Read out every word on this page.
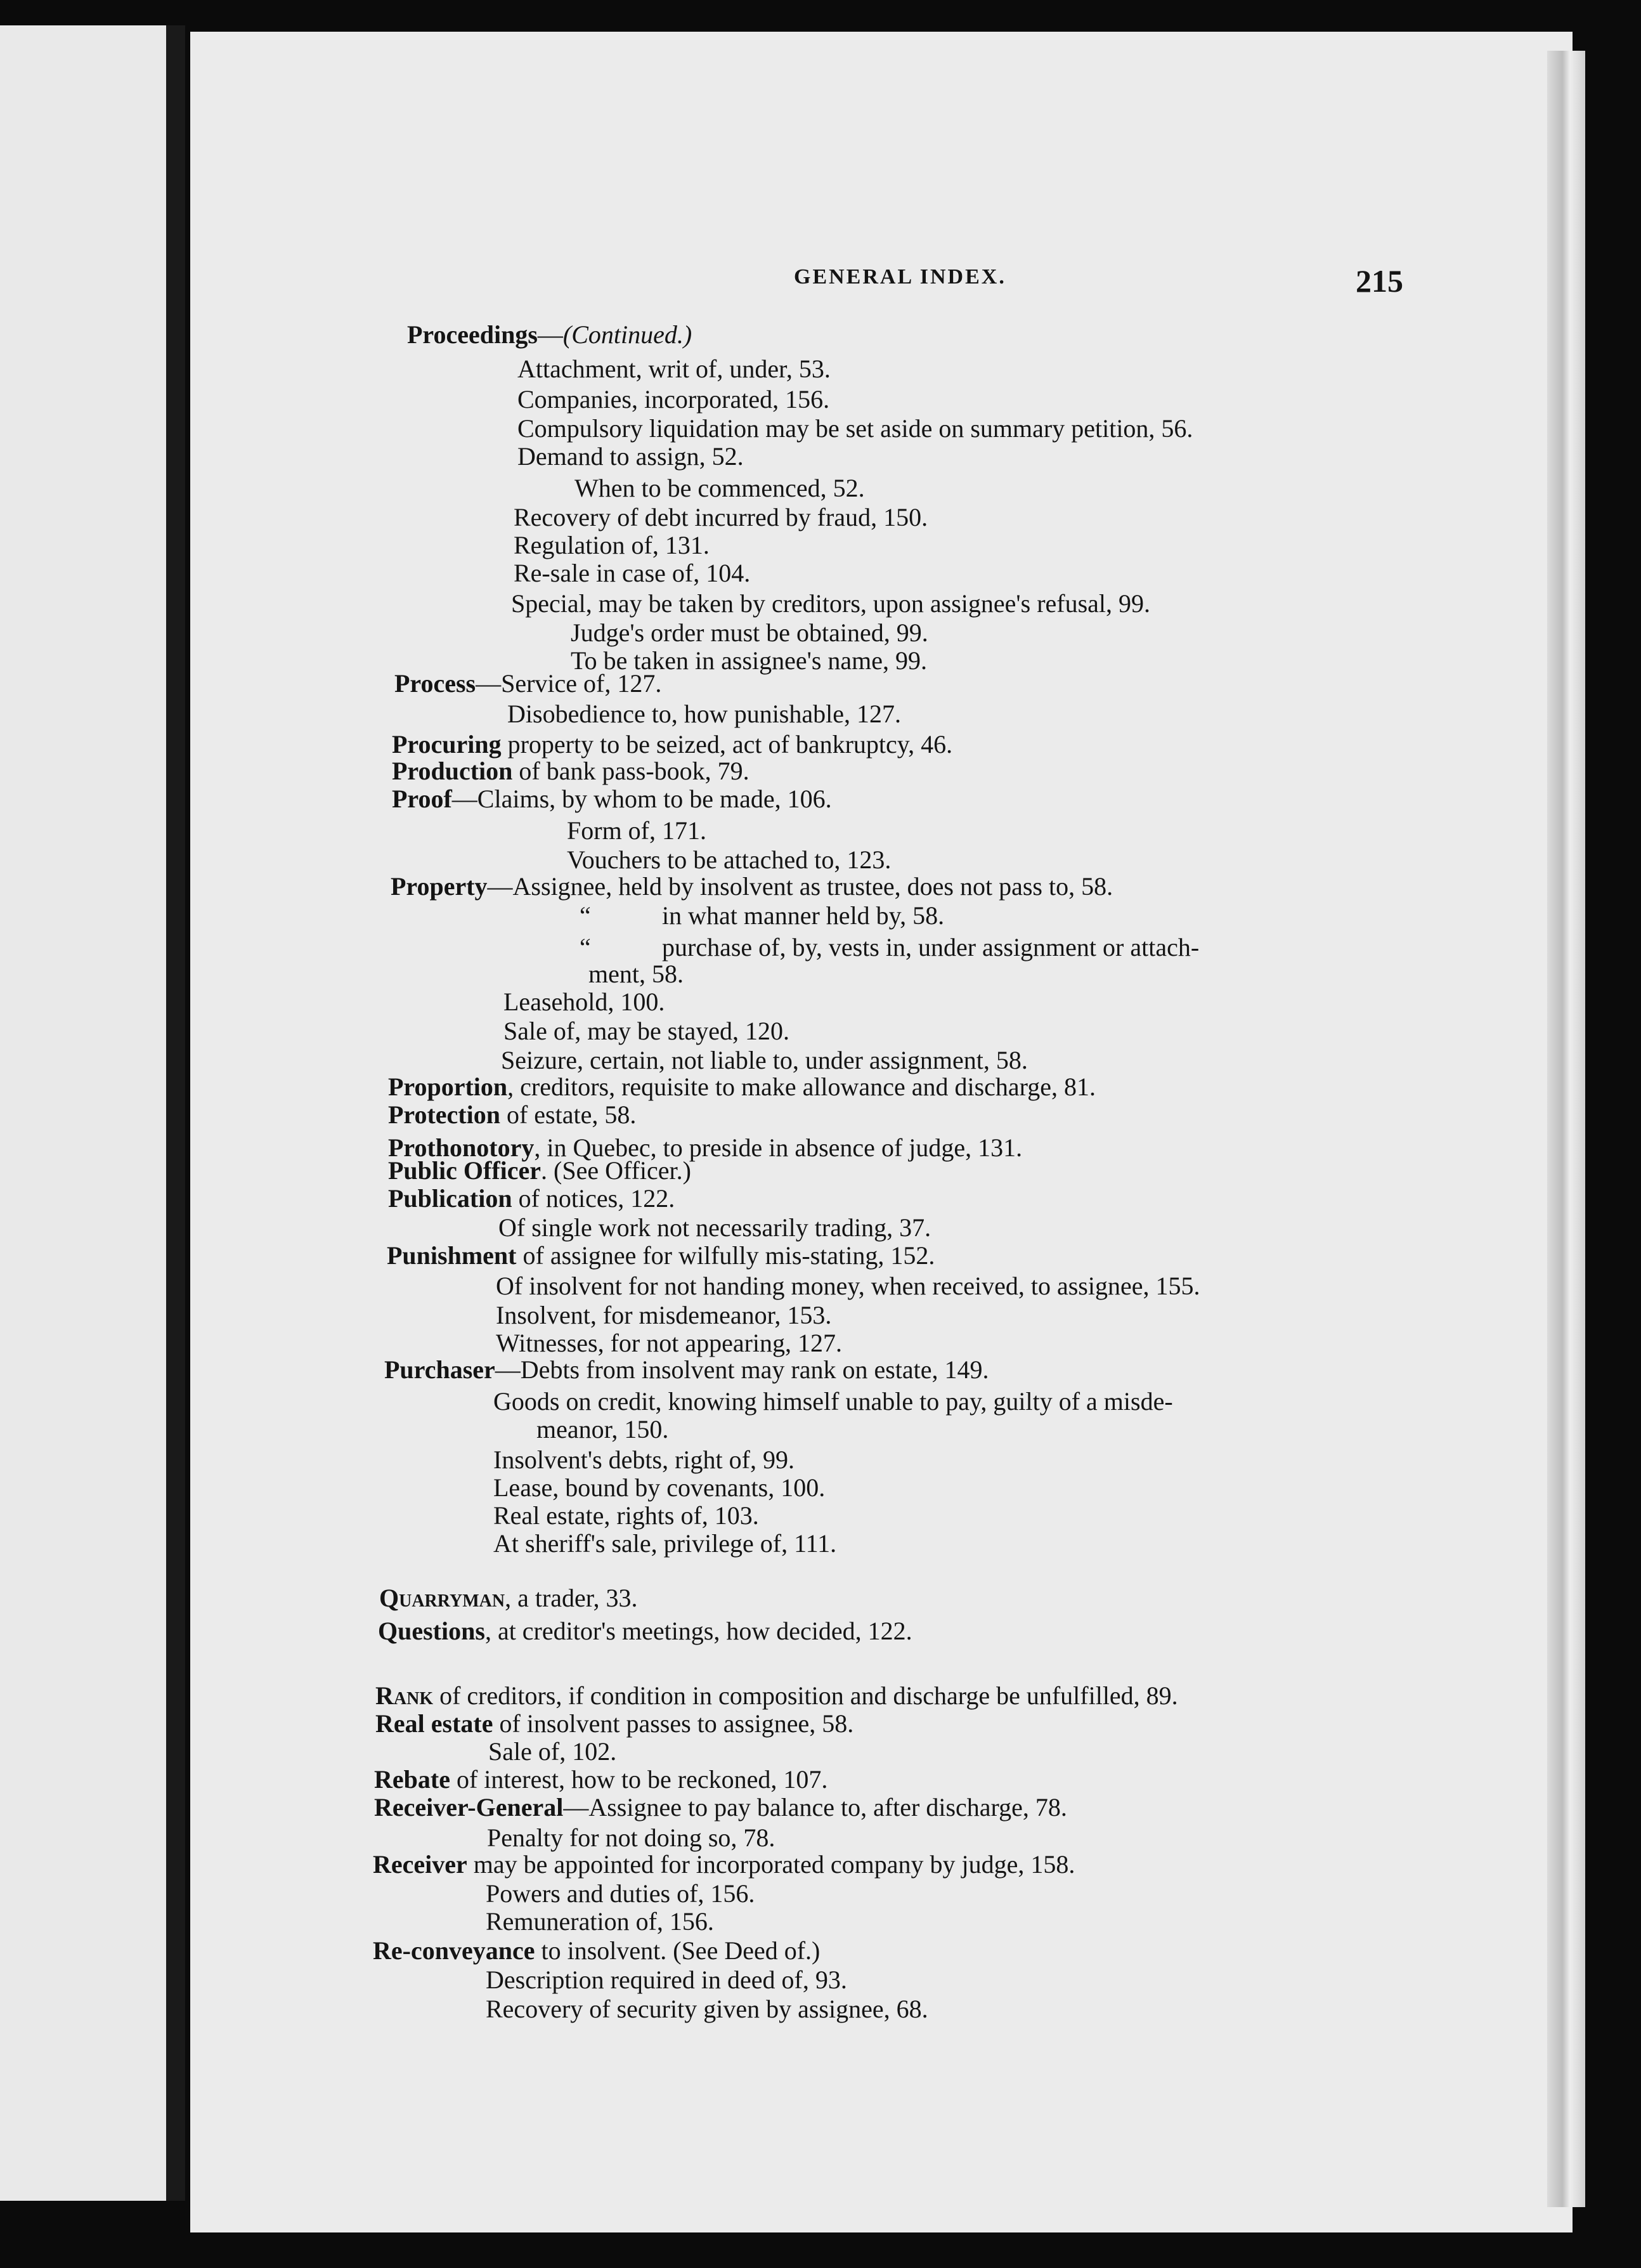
GENERAL INDEX.	215
Proceedings—(Continued.)
Attachment, writ of, under, 53.
Companies, incorporated, 156.
Compulsory liquidation may be set aside on summary petition, 56.
Demand to assign, 52.
When to be commenced, 52.
Recovery of debt incurred by fraud, 150.
Regulation of, 131.
Re-sale in case of, 104.
Special, may be taken by creditors, upon assignee's refusal, 99.
Judge's order must be obtained, 99.
To be taken in assignee's name, 99.
Process—Service of, 127.
Disobedience to, how punishable, 127.
Procuring property to be seized, act of bankruptcy, 46.
Production of bank pass-book, 79.
Proof—Claims, by whom to be made, 106.
Form of, 171.
Vouchers to be attached to, 123.
Property—Assignee, held by insolvent as trustee, does not pass to, 58.
“	in what manner held by, 58.
“	purchase of, by, vests in, under assignment or attach-
ment, 58.
Leasehold, 100.
Sale of, may be stayed, 120.
Seizure, certain, not liable to, under assignment, 58.
Proportion, creditors, requisite to make allowance and discharge, 81.
Protection of estate, 58.
Prothonotory, in Quebec, to preside in absence of judge, 131.
Public Officer. (See Officer.)
Publication of notices, 122.
Of single work not necessarily trading, 37.
Punishment of assignee for wilfully mis-stating, 152.
Of insolvent for not handing money, when received, to assignee, 155.
Insolvent, for misdemeanor, 153.
Witnesses, for not appearing, 127.
Purchaser—Debts from insolvent may rank on estate, 149.
Goods on credit, knowing himself unable to pay, guilty of a misde-
meanor, 150.
Insolvent's debts, right of, 99.
Lease, bound by covenants, 100.
Real estate, rights of, 103.
At sheriff's sale, privilege of, 111.
Quarryman, a trader, 33.
Questions, at creditor's meetings, how decided, 122.
Rank of creditors, if condition in composition and discharge be unfulfilled, 89.
Real estate of insolvent passes to assignee, 58.
Sale of, 102.
Rebate of interest, how to be reckoned, 107.
Receiver-General—Assignee to pay balance to, after discharge, 78.
Penalty for not doing so, 78.
Receiver may be appointed for incorporated company by judge, 158.
Powers and duties of, 156.
Remuneration of, 156.
Re-conveyance to insolvent. (See Deed of.)
Description required in deed of, 93.
Recovery of security given by assignee, 68.
